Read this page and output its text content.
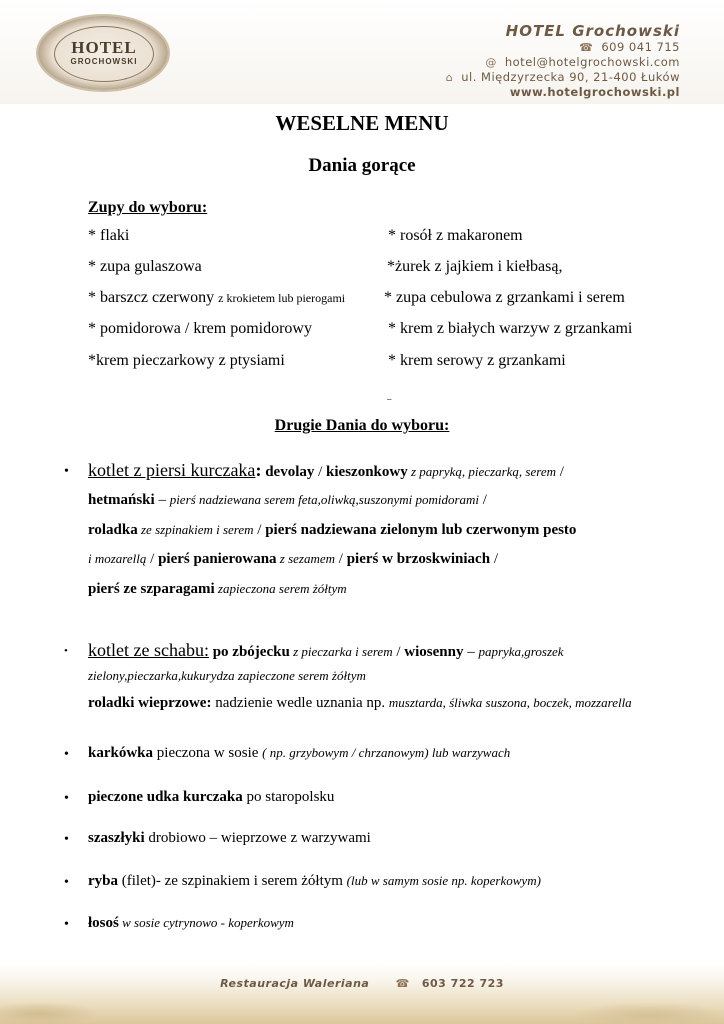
HOTEL
GROCHOWSKI
HOTEL Grochowski
☎ 609 041 715
@ hotel@hotelgrochowski.com
⌂ ul. Międzyrzecka 90, 21-400 Łuków
www.hotelgrochowski.pl
WESELNE MENU
Dania gorące
Zupy do wyboru:
* flaki
* zupa gulaszowa
* barszcz czerwony z krokietem lub pierogami
* pomidorowa / krem pomidorowy
*krem pieczarkowy z ptysiami
* rosół z makaronem
*żurek z jajkiem i kiełbasą,
* zupa cebulowa z grzankami i serem
* krem z białych warzyw z grzankami
* krem serowy z grzankami
–
Drugie Dania do wyboru:
• kotlet z piersi kurczaka: devolay / kieszonkowy z papryką, pieczarką, serem /
hetmański – pierś nadziewana serem feta,oliwką,suszonymi pomidorami /
roladka ze szpinakiem i serem / pierś nadziewana zielonym lub czerwonym pesto
i mozarellą / pierś panierowana z sezamem / pierś w brzoskwiniach /
pierś ze szparagami zapieczona serem żółtym
• kotlet ze schabu: po zbójecku z pieczarka i serem / wiosenny – papryka,groszek
zielony,pieczarka,kukurydza zapieczone serem żółtym
roladki wieprzowe: nadzienie wedle uznania np. musztarda, śliwka suszona, boczek, mozzarella
• karkówka pieczona w sosie ( np. grzybowym / chrzanowym) lub warzywach
• pieczone udka kurczaka po staropolsku
• szaszłyki drobiowo – wieprzowe z warzywami
• ryba (filet)- ze szpinakiem i serem żółtym (lub w samym sosie np. koperkowym)
• łosoś w sosie cytrynowo - koperkowym
Restauracja Waleriana ☎ 603 722 723
